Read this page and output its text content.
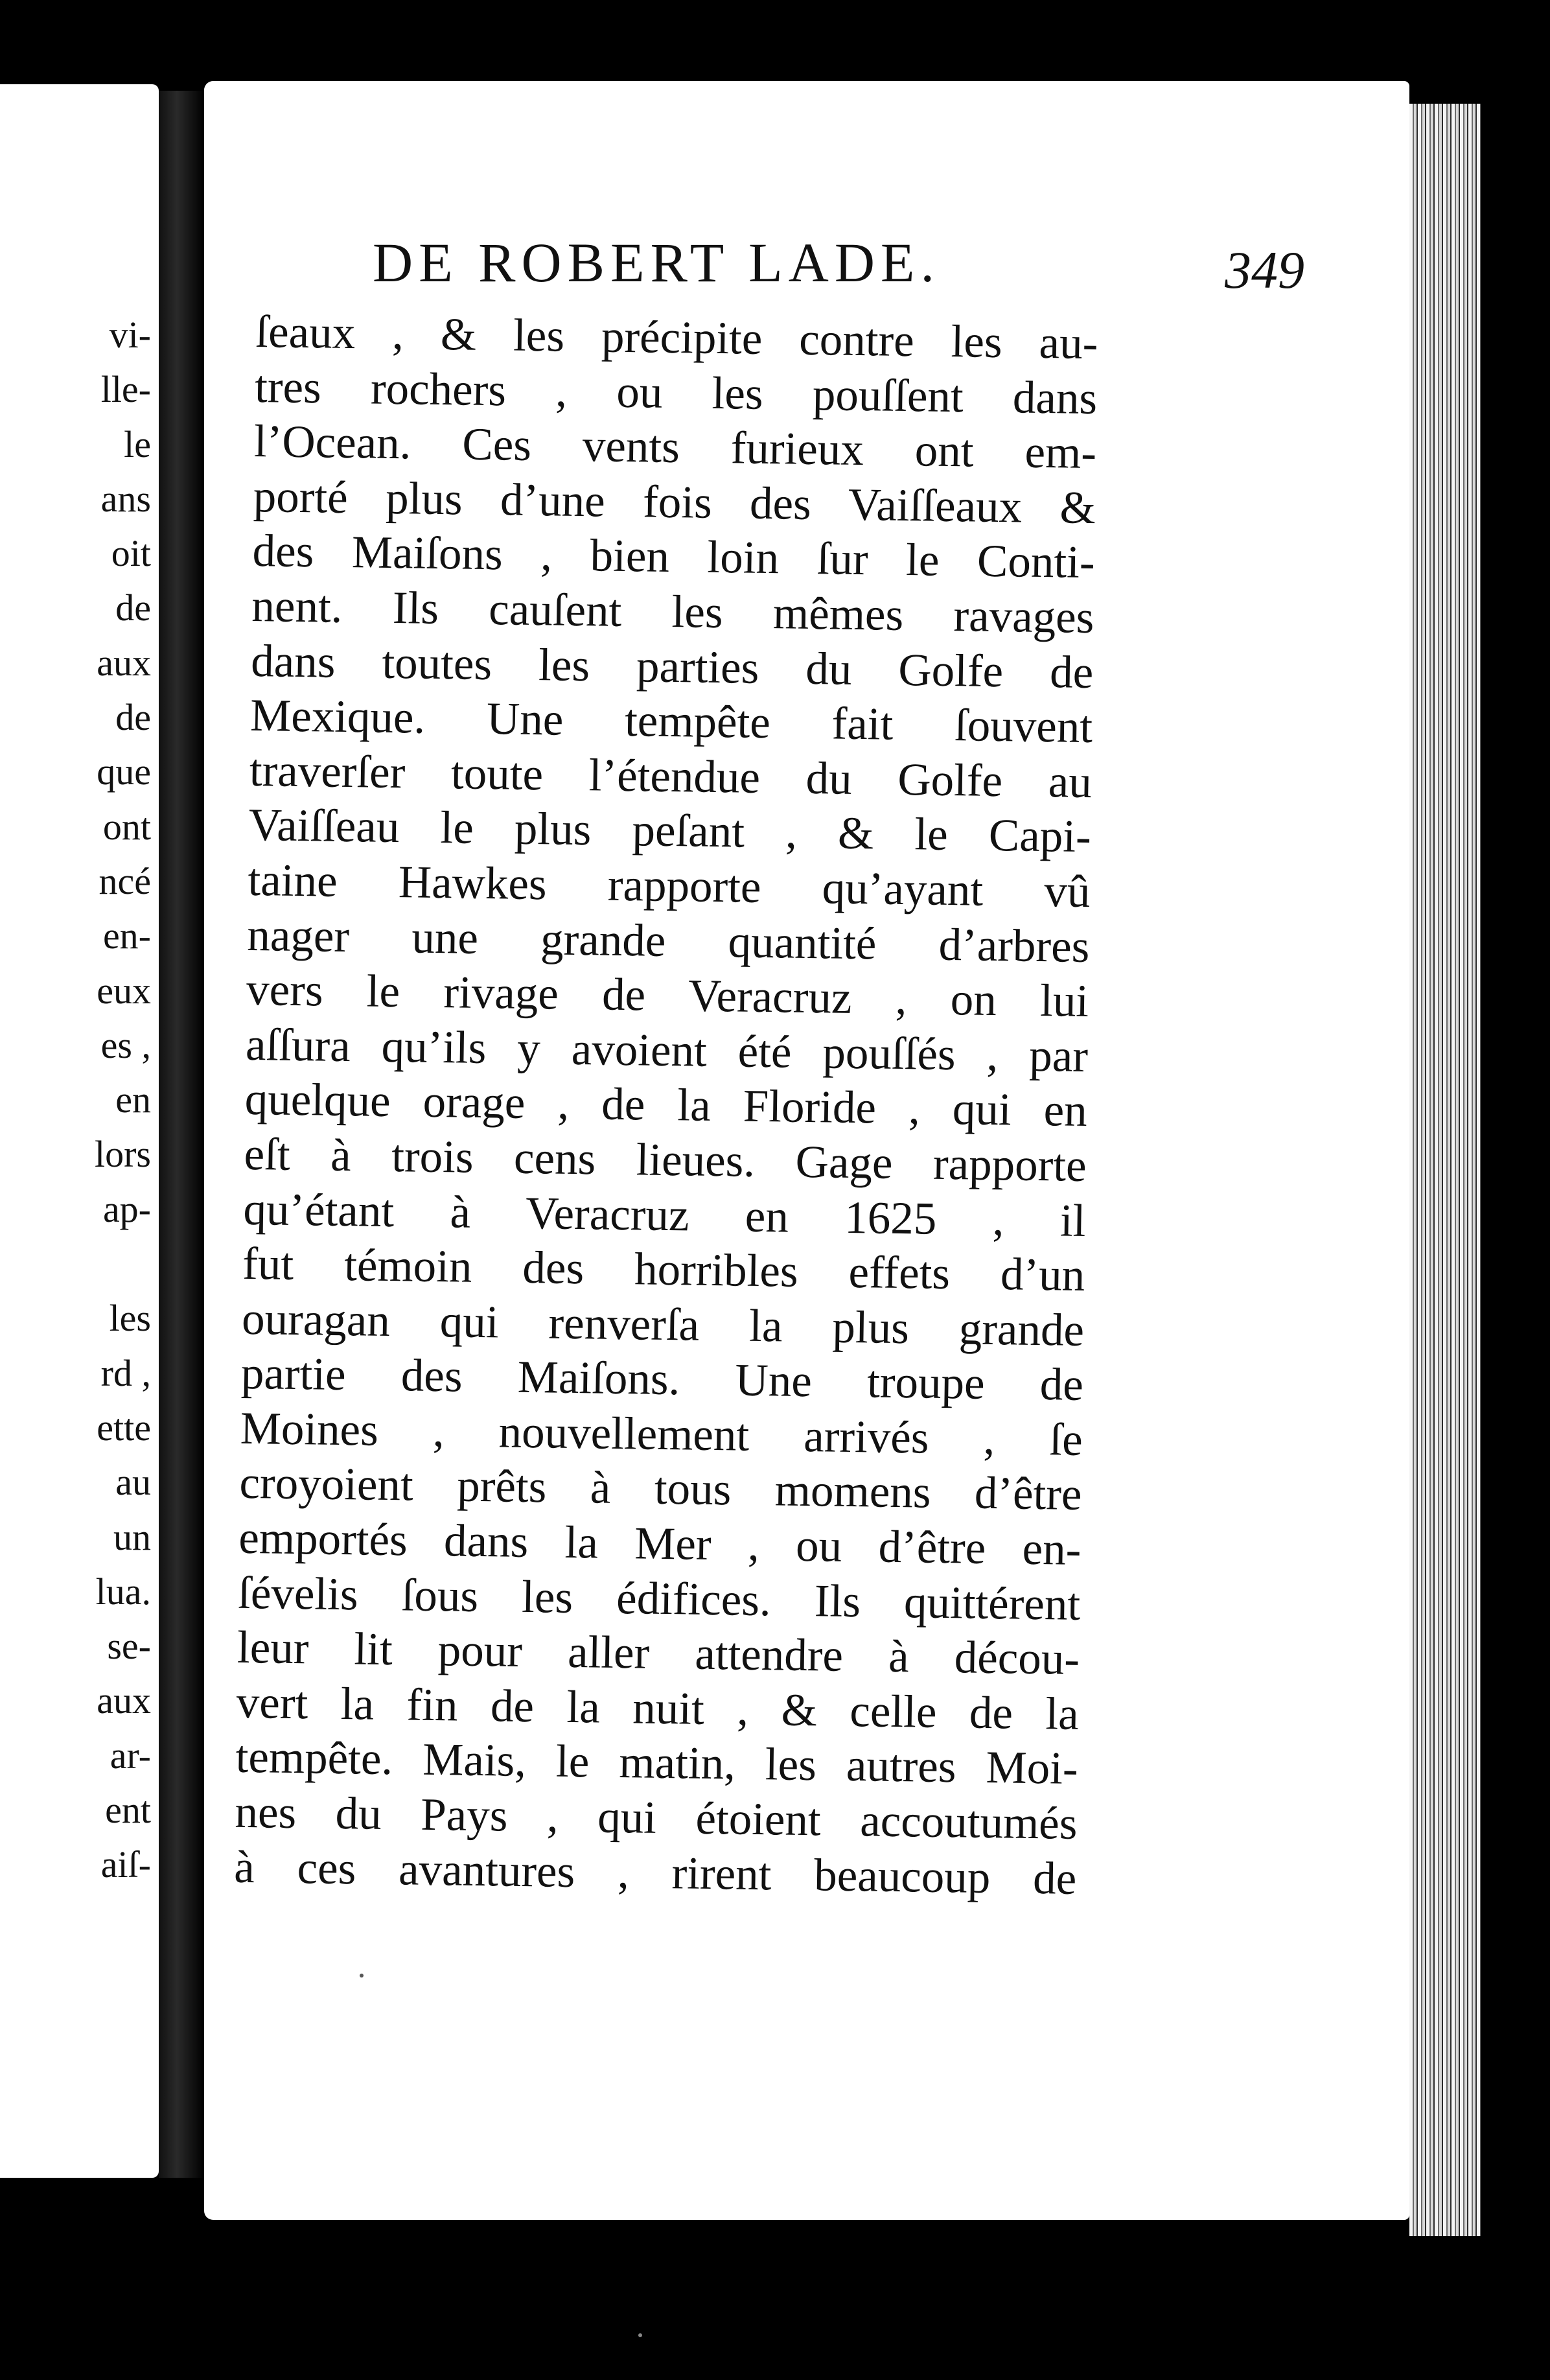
vi-
lle-
le
ans
oit
de
aux
de
que
ont
ncé
en-
eux
es ,
en
lors
ap-

les
rd ,
ette
au
un
lua.
se-
aux
ar-
ent
aiſ-
DE ROBERT LADE.	349
ſeaux , & les précipite contre les au-
tres rochers , ou les pouſſent dans
l’Ocean. Ces vents furieux ont em-
porté plus d’une fois des Vaiſſeaux &
des Maiſons , bien loin ſur le Conti-
nent. Ils cauſent les mêmes ravages
dans toutes les parties du Golfe de
Mexique. Une tempête fait ſouvent
traverſer toute l’étendue du Golfe au
Vaiſſeau le plus peſant , & le Capi-
taine Hawkes rapporte qu’ayant vû
nager une grande quantité d’arbres
vers le rivage de Veracruz , on lui
aſſura qu’ils y avoient été pouſſés , par
quelque orage , de la Floride , qui en
eſt à trois cens lieues. Gage rapporte
qu’étant à Veracruz en 1625 , il
fut témoin des horribles effets d’un
ouragan qui renverſa la plus grande
partie des Maiſons. Une troupe de
Moines , nouvellement arrivés , ſe
croyoient prêts à tous momens d’être
emportés dans la Mer , ou d’être en-
ſévelis ſous les édifices. Ils quittérent
leur lit pour aller attendre à décou-
vert la fin de la nuit , & celle de la
tempête. Mais, le matin, les autres Moi-
nes du Pays , qui étoient accoutumés
à ces avantures , rirent beaucoup de
